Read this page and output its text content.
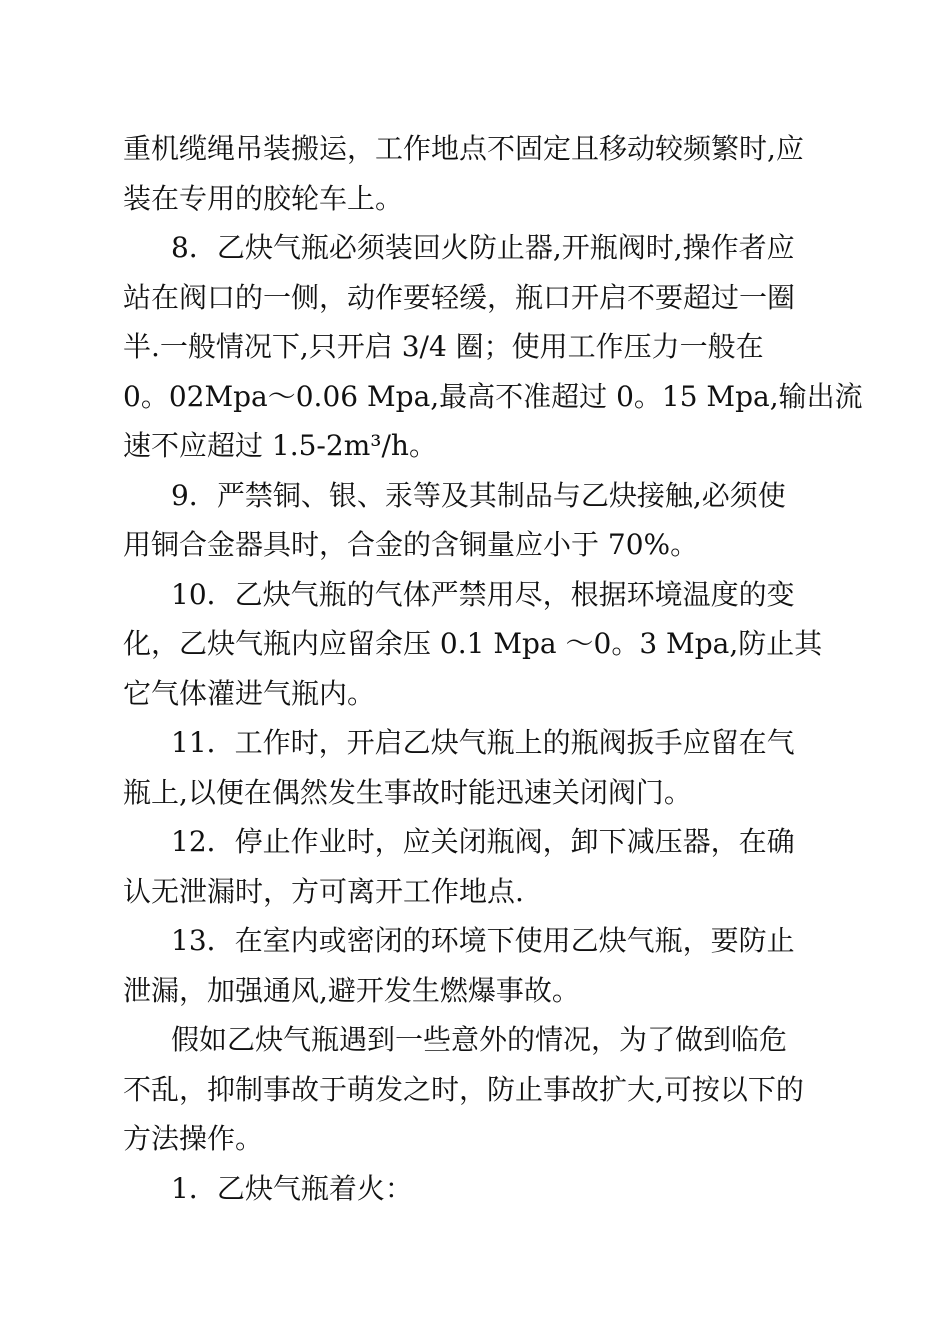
重机缆绳吊装搬运，工作地点不固定且移动较频繁时,应
装在专用的胶轮车上。
8．乙炔气瓶必须装回火防止器,开瓶阀时,操作者应
站在阀口的一侧，动作要轻缓，瓶口开启不要超过一圈
半.一般情况下,只开启 3/4 圈；使用工作压力一般在
0。02Mpa～0.06 Mpa,最高不准超过 0。15 Mpa,输出流
速不应超过 1.5-2m³/h。
9．严禁铜、银、汞等及其制品与乙炔接触,必须使
用铜合金器具时，合金的含铜量应小于 70%。
10．乙炔气瓶的气体严禁用尽，根据环境温度的变
化，乙炔气瓶内应留余压 0.1 Mpa ～0。3 Mpa,防止其
它气体灌进气瓶内。
11．工作时，开启乙炔气瓶上的瓶阀扳手应留在气
瓶上,以便在偶然发生事故时能迅速关闭阀门。
12．停止作业时，应关闭瓶阀，卸下减压器，在确
认无泄漏时，方可离开工作地点.
13．在室内或密闭的环境下使用乙炔气瓶，要防止
泄漏，加强通风,避开发生燃爆事故。
假如乙炔气瓶遇到一些意外的情况，为了做到临危
不乱，抑制事故于萌发之时，防止事故扩大,可按以下的
方法操作。
1．乙炔气瓶着火：
